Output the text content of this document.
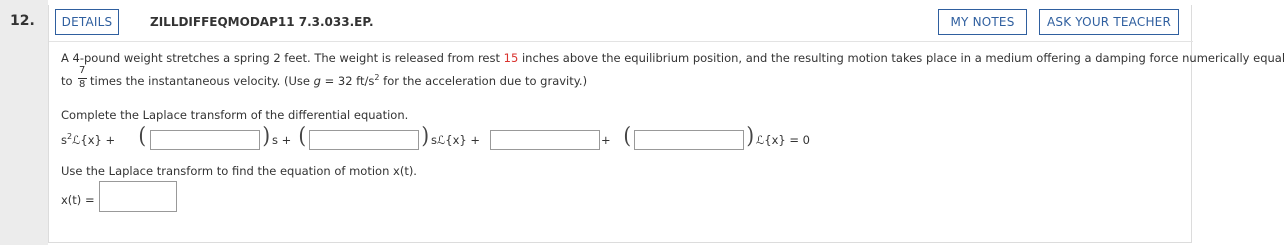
12.	DETAILS	ZILLDIFFEQMODAP11 7.3.033.EP.	MY NOTES	ASK YOUR TEACHER
A 4-pound weight stretches a spring 2 feet. The weight is released from rest 15 inches above the equilibrium position, and the resulting motion takes place in a medium offering a damping force numerically equal
to
7
8 times the instantaneous velocity. (Use g = 32 $ft/s^2$ for the acceleration due to gravity.)
Complete the Laplace transform of the differential equation.
$s^2ℒ\{x\}$ + (	) s + (	) sℒ{x} +	+ (	) ℒ{x} = 0
Use the Laplace transform to find the equation of motion x(t).
x(t) =
